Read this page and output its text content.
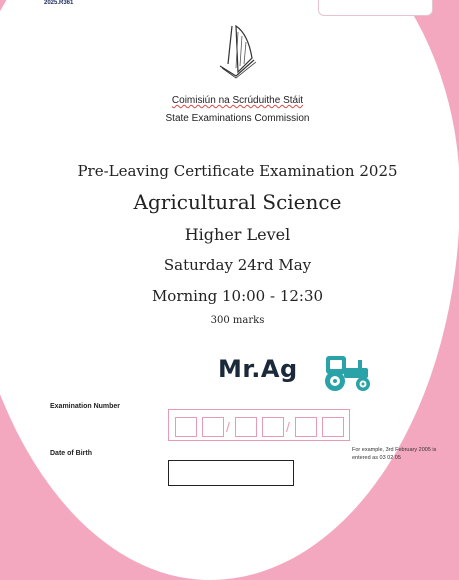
2025.R361
Coimisiún na Scrúduithe Stáit
State Examinations Commission
Pre-Leaving Certificate Examination 2025
Agricultural Science
Higher Level
Saturday 24rd May
Morning 10:00 - 12:30
300 marks
Mr.Ag
Examination Number
/	/
Date of Birth	For example, 3rd February 2005 is entered as 03 02 05
